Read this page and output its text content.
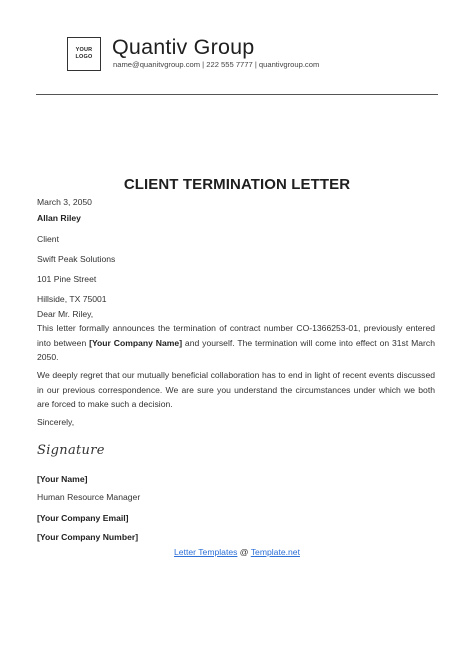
YOUR
LOGO Quantiv Group
name@quanitvgroup.com | 222 555 7777 | quantivgroup.com
CLIENT TERMINATION LETTER
March 3, 2050
Allan Riley
Client
Swift Peak Solutions
101 Pine Street
Hillside, TX 75001
Dear Mr. Riley,
This letter formally announces the termination of contract number CO-1366253-01, previously entered into between [Your Company Name] and yourself. The termination will come into effect on 31st March 2050.
We deeply regret that our mutually beneficial collaboration has to end in light of recent events discussed in our previous correspondence. We are sure you understand the circumstances under which we both are forced to make such a decision.
Sincerely,
Signature
[Your Name]
Human Resource Manager
[Your Company Email]
[Your Company Number]
Letter Templates @ Template.net
